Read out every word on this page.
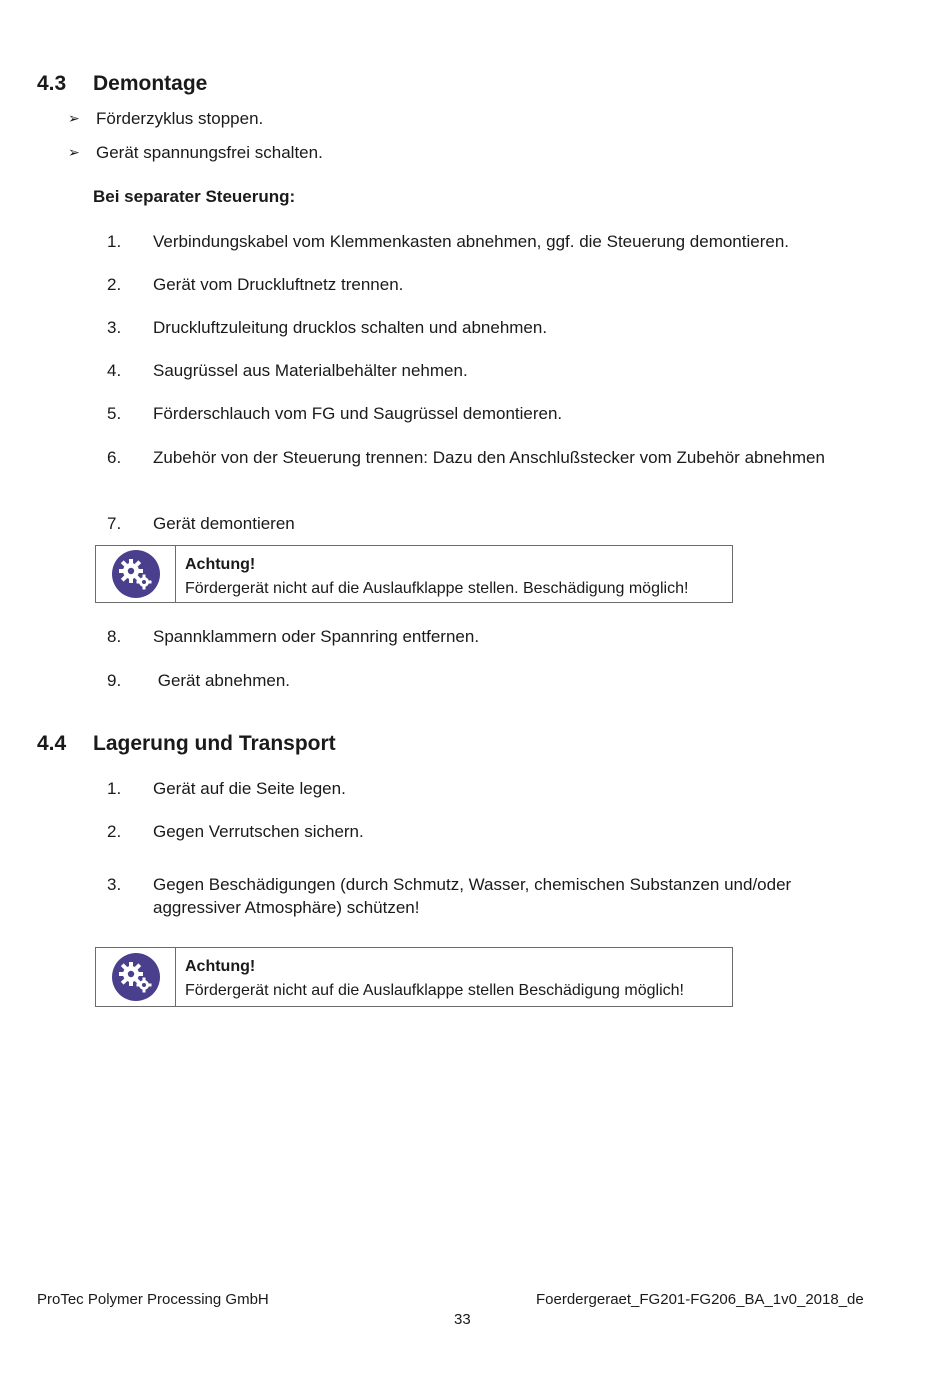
4.3 Demontage
➢ Förderzyklus stoppen.
➢ Gerät spannungsfrei schalten.
Bei separater Steuerung:
1. Verbindungskabel vom Klemmenkasten abnehmen, ggf. die Steuerung demontieren.
2. Gerät vom Druckluftnetz trennen.
3. Druckluftzuleitung drucklos schalten und abnehmen.
4. Saugrüssel aus Materialbehälter nehmen.
5. Förderschlauch vom FG und Saugrüssel demontieren.
6. Zubehör von der Steuerung trennen: Dazu den Anschlußstecker vom Zubehör abnehmen
7. Gerät demontieren
Achtung!
Fördergerät nicht auf die Auslaufklappe stellen. Beschädigung möglich!
8. Spannklammern oder Spannring entfernen.
9. Gerät abnehmen.
4.4 Lagerung und Transport
1. Gerät auf die Seite legen.
2. Gegen Verrutschen sichern.
3. Gegen Beschädigungen (durch Schmutz, Wasser, chemischen Substanzen und/oder aggressiver Atmosphäre) schützen!
Achtung!
Fördergerät nicht auf die Auslaufklappe stellen Beschädigung möglich!
ProTec Polymer Processing GmbH	Foerdergeraet_FG201-FG206_BA_1v0_2018_de
33
